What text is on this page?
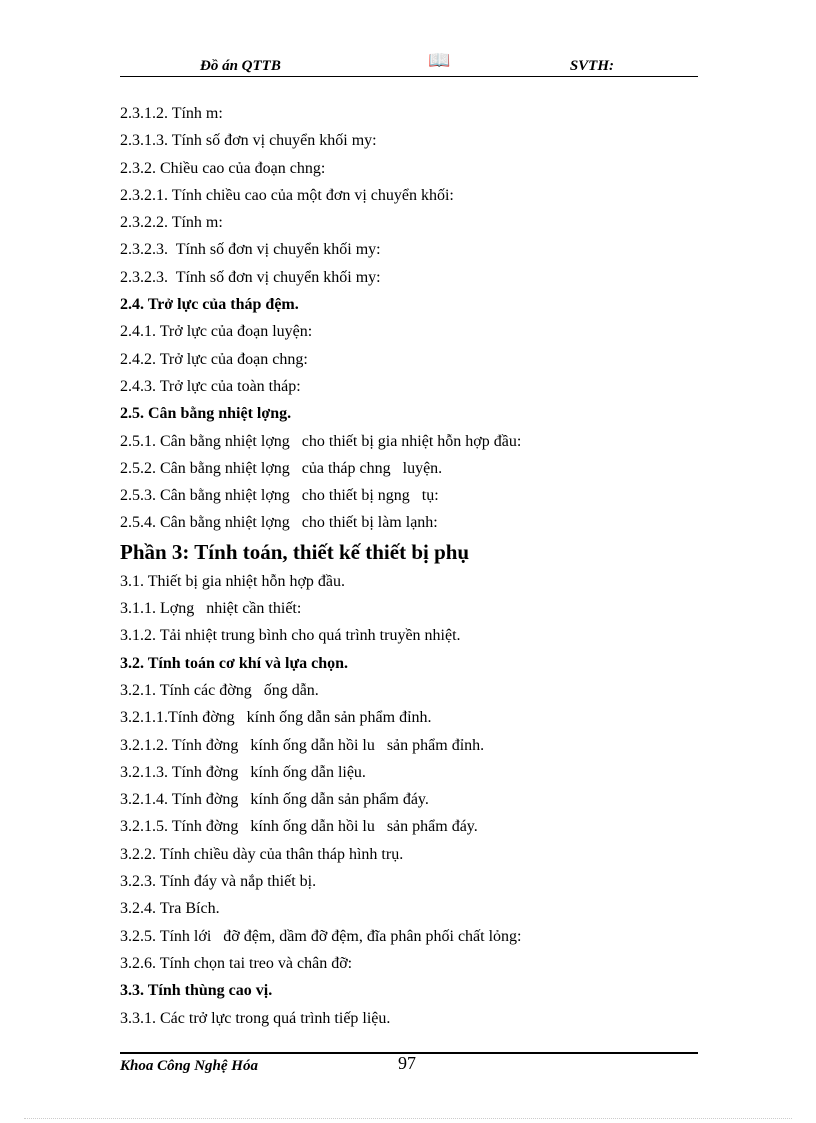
Đồ án QTTB	📖	SVTH:
2.3.1.2. Tính m:
2.3.1.3. Tính số đơn vị chuyển khối my:
2.3.2. Chiều cao của đoạn chng:
2.3.2.1. Tính chiều cao của một đơn vị chuyển khối:
2.3.2.2. Tính m:
2.3.2.3.  Tính số đơn vị chuyển khối my:
2.3.2.3.  Tính số đơn vị chuyển khối my:
2.4. Trở lực của tháp đệm.
2.4.1. Trở lực của đoạn luyện:
2.4.2. Trở lực của đoạn chng:
2.4.3. Trở lực của toàn tháp:
2.5. Cân bằng nhiệt lợng.
2.5.1. Cân bằng nhiệt lợng   cho thiết bị gia nhiệt hỗn hợp đầu:
2.5.2. Cân bằng nhiệt lợng   của tháp chng   luyện.
2.5.3. Cân bằng nhiệt lợng   cho thiết bị ngng   tụ:
2.5.4. Cân bằng nhiệt lợng   cho thiết bị làm lạnh:
Phần 3: Tính toán, thiết kế thiết bị phụ
3.1. Thiết bị gia nhiệt hỗn hợp đầu.
3.1.1. Lợng   nhiệt cần thiết:
3.1.2. Tải nhiệt trung bình cho quá trình truyền nhiệt.
3.2. Tính toán cơ khí và lựa chọn.
3.2.1. Tính các đờng   ống dẫn.
3.2.1.1.Tính đờng   kính ống dẫn sản phẩm đỉnh.
3.2.1.2. Tính đờng   kính ống dẫn hồi lu   sản phẩm đỉnh.
3.2.1.3. Tính đờng   kính ống dẫn liệu.
3.2.1.4. Tính đờng   kính ống dẫn sản phẩm đáy.
3.2.1.5. Tính đờng   kính ống dẫn hồi lu   sản phẩm đáy.
3.2.2. Tính chiều dày của thân tháp hình trụ.
3.2.3. Tính đáy và nắp thiết bị.
3.2.4. Tra Bích.
3.2.5. Tính lới   đỡ đệm, dầm đỡ đệm, đĩa phân phối chất lỏng:
3.2.6. Tính chọn tai treo và chân đỡ:
3.3. Tính thùng cao vị.
3.3.1. Các trở lực trong quá trình tiếp liệu.
Khoa Công Nghệ Hóa	97
